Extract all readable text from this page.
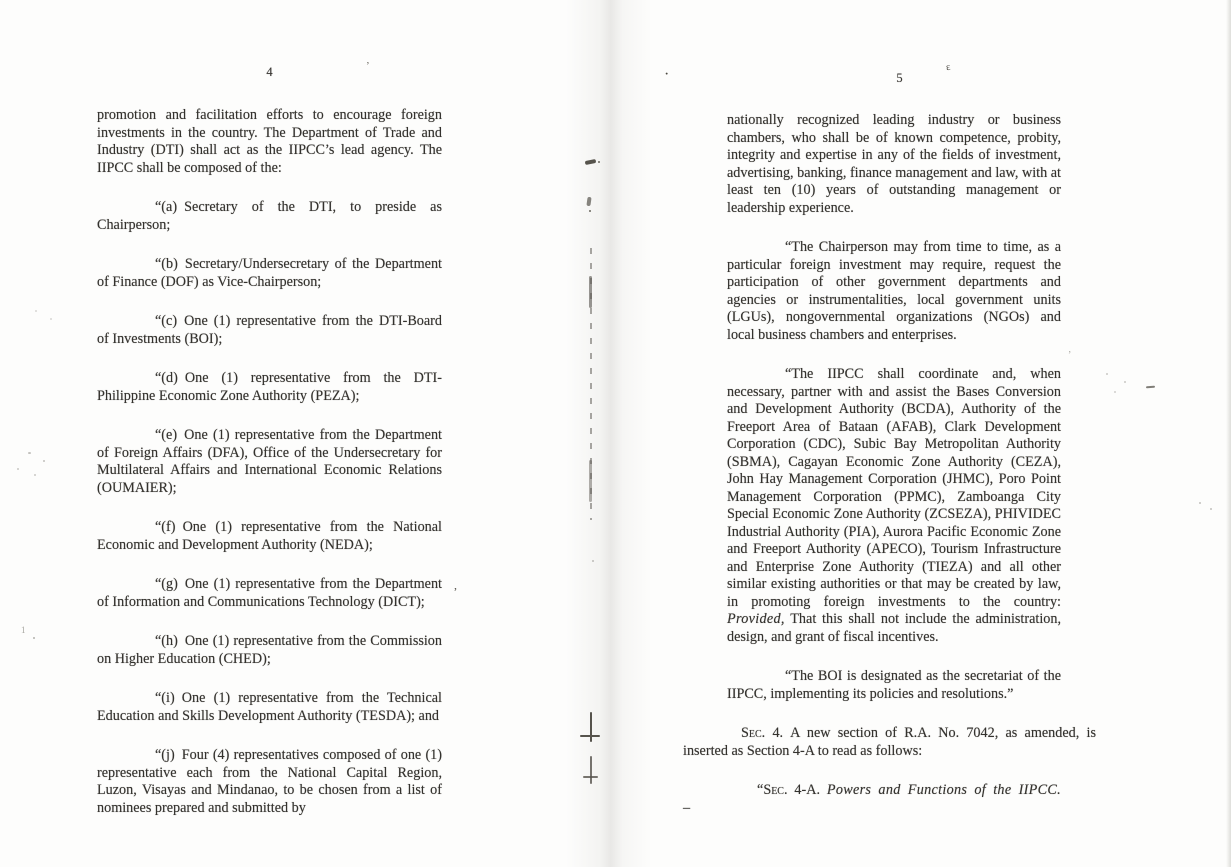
4

promotion and facilitation efforts to encourage foreign investments in the country. The Department of Trade and Industry (DTI) shall act as the IIPCC’s lead agency. The IIPCC shall be composed of the:

“(a) Secretary of the DTI, to preside as Chairperson;

“(b) Secretary/Undersecretary of the Department of Finance (DOF) as Vice-Chairperson;

“(c) One (1) representative from the DTI-Board of Investments (BOI);

“(d) One (1) representative from the DTI-Philippine Economic Zone Authority (PEZA);

“(e) One (1) representative from the Department of Foreign Affairs (DFA), Office of the Undersecretary for Multilateral Affairs and International Economic Relations (OUMAIER);

“(f) One (1) representative from the National Economic and Development Authority (NEDA);

“(g) One (1) representative from the Department of Information and Communications Technology (DICT);

“(h) One (1) representative from the Commission on Higher Education (CHED);

“(i) One (1) representative from the Technical Education and Skills Development Authority (TESDA); and

“(j) Four (4) representatives composed of one (1) representative each from the National Capital Region, Luzon, Visayas and Mindanao, to be chosen from a list of nominees prepared and submitted by

5

nationally recognized leading industry or business chambers, who shall be of known competence, probity, integrity and expertise in any of the fields of investment, advertising, banking, finance management and law, with at least ten (10) years of outstanding management or leadership experience.

“The Chairperson may from time to time, as a particular foreign investment may require, request the participation of other government departments and agencies or instrumentalities, local government units (LGUs), nongovernmental organizations (NGOs) and local business chambers and enterprises.

“The IIPCC shall coordinate and, when necessary, partner with and assist the Bases Conversion and Development Authority (BCDA), Authority of the Freeport Area of Bataan (AFAB), Clark Development Corporation (CDC), Subic Bay Metropolitan Authority (SBMA), Cagayan Economic Zone Authority (CEZA), John Hay Management Corporation (JHMC), Poro Point Management Corporation (PPMC), Zamboanga City Special Economic Zone Authority (ZCSEZA), PHIVIDEC Industrial Authority (PIA), Aurora Pacific Economic Zone and Freeport Authority (APECO), Tourism Infrastructure and Enterprise Zone Authority (TIEZA) and all other similar existing authorities or that may be created by law, in promoting foreign investments to the country: Provided, That this shall not include the administration, design, and grant of fiscal incentives.

“The BOI is designated as the secretariat of the IIPCC, implementing its policies and resolutions.”

Sec. 4. A new section of R.A. No. 7042, as amended, is inserted as Section 4-A to read as follows:

“Sec. 4-A. Powers and Functions of the IIPCC. –

’	·	ε
,
’
1
